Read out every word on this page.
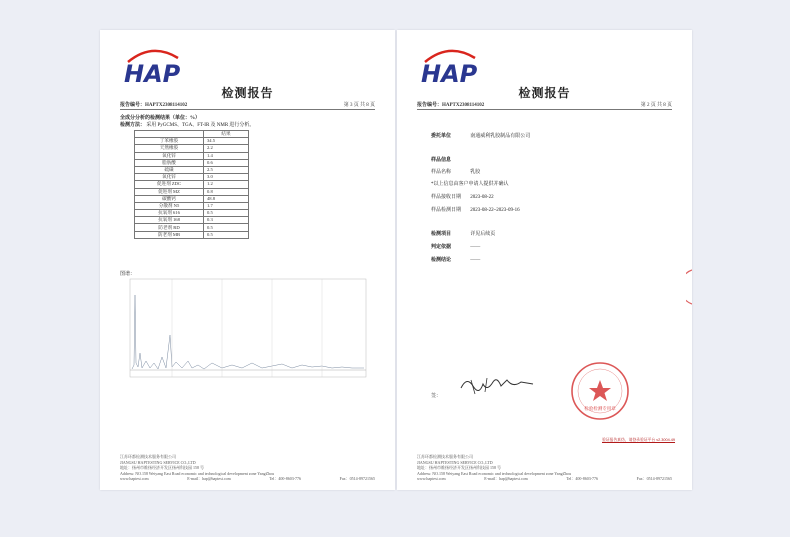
HAP
检测报告
报告编号：HAPTX2308114102	第 3 页 共 8 页
全成分分析的检测结果（单位：%）
检测方法： 采用 PyGCMS、TGA、FT-IR 及 NMR 进行分析。
	结果
丁苯橡胶	34.5
天然橡胶	2.2
氧化锌	1.4
脂肪酸	0.6
硫磺	2.5
氧化锌	3.0
促进剂 ZDC	1.2
促进剂 MZ	0.8
碳酸钙	48.8
分散剂 N5	1.7
抗氧剂 616	0.5
抗氧剂 168	0.3
防老剂 RD	0.5
防老剂 MB	0.5
图谱：
江苏环都检测技术服务有限公司
JIANGSU HAPTESTING SERVICE CO.,LTD
地址：扬州市维扬经济开发区扬州科技园 158 号
Address: NO.158 Weiyang East Road economic and technological development zone YangZhou
www.haptest.com	E-mail：hap@haptest.com	Tel：400-8603-776	Fax：0514-89721565
HAP
检测报告
报告编号：HAPTX2308114102	第 2 页 共 8 页
委托单位	南通威利乳胶制品有限公司
样品信息
样品名称	乳胶
*以上信息由客户申请人提供并确认
样品接收日期 2023-08-22
样品检测日期 2023-08-22~2023-09-16
检测项目	详见后续页
判定依据	——
检测结论	——
签：
检验检测专用章
验证报告真伪，请登录验证平台 v2.3004.49
江苏环都检测技术服务有限公司
JIANGSU HAPTESTING SERVICE CO.,LTD
地址：扬州市维扬经济开发区扬州科技园 158 号
Address: NO.158 Weiyang East Road economic and technological development zone YangZhou
www.haptest.com	E-mail：hap@haptest.com	Tel：400-8603-776	Fax：0514-89721565
